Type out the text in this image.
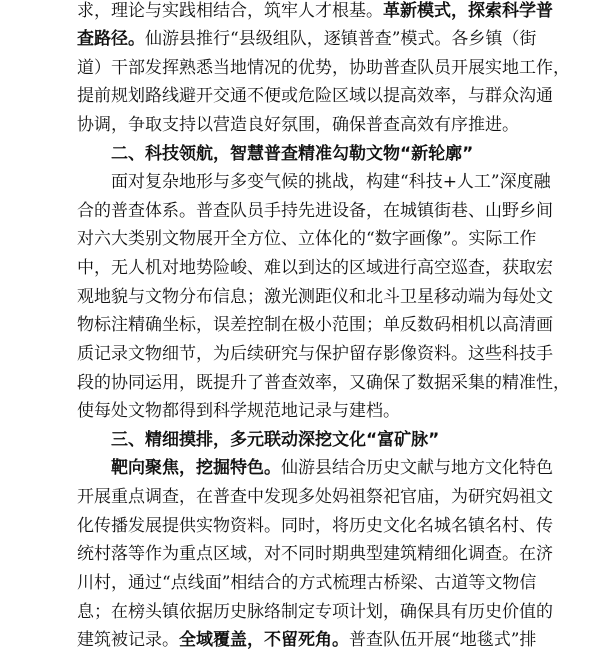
求，理论与实践相结合，筑牢人才根基。革新模式，探索科学普
查路径。仙游县推行“县级组队，逐镇普查”模式。各乡镇（街
道）干部发挥熟悉当地情况的优势，协助普查队员开展实地工作，
提前规划路线避开交通不便或危险区域以提高效率，与群众沟通
协调，争取支持以营造良好氛围，确保普查高效有序推进。
二、科技领航，智慧普查精准勾勒文物“新轮廓”
面对复杂地形与多变气候的挑战，构建“科技+人工”深度融
合的普查体系。普查队员手持先进设备，在城镇街巷、山野乡间
对六大类别文物展开全方位、立体化的“数字画像”。实际工作
中，无人机对地势险峻、难以到达的区域进行高空巡查，获取宏
观地貌与文物分布信息；激光测距仪和北斗卫星移动端为每处文
物标注精确坐标，误差控制在极小范围；单反数码相机以高清画
质记录文物细节，为后续研究与保护留存影像资料。这些科技手
段的协同运用，既提升了普查效率，又确保了数据采集的精准性，
使每处文物都得到科学规范地记录与建档。
三、精细摸排，多元联动深挖文化“富矿脉”
靶向聚焦，挖掘特色。仙游县结合历史文献与地方文化特色
开展重点调查，在普查中发现多处妈祖祭祀官庙，为研究妈祖文
化传播发展提供实物资料。同时，将历史文化名城名镇名村、传
统村落等作为重点区域，对不同时期典型建筑精细化调查。在济
川村，通过“点线面”相结合的方式梳理古桥梁、古道等文物信
息；在榜头镇依据历史脉络制定专项计划，确保具有历史价值的
建筑被记录。全域覆盖，不留死角。普查队伍开展“地毯式”排
